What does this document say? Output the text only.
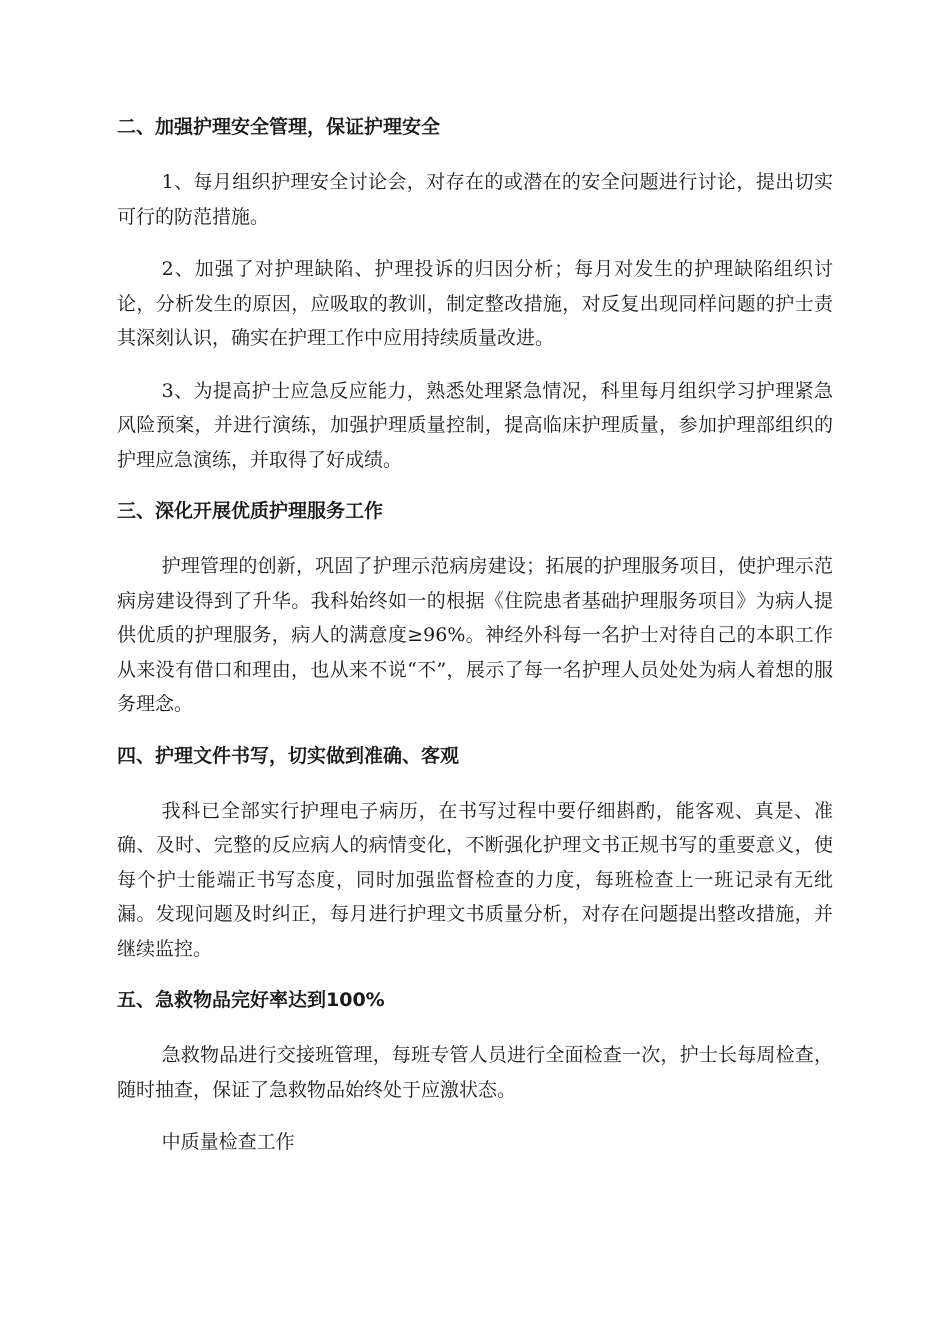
二、加强护理安全管理，保证护理安全

1、每月组织护理安全讨论会，对存在的或潜在的安全问题进行讨论，提出切实可行的防范措施。

2、加强了对护理缺陷、护理投诉的归因分析；每月对发生的护理缺陷组织讨论，分析发生的原因，应吸取的教训，制定整改措施，对反复出现同样问题的护士责其深刻认识，确实在护理工作中应用持续质量改进。

3、为提高护士应急反应能力，熟悉处理紧急情况，科里每月组织学习护理紧急风险预案，并进行演练，加强护理质量控制，提高临床护理质量，参加护理部组织的护理应急演练，并取得了好成绩。

三、深化开展优质护理服务工作

护理管理的创新，巩固了护理示范病房建设；拓展的护理服务项目，使护理示范病房建设得到了升华。我科始终如一的根据《住院患者基础护理服务项目》为病人提供优质的护理服务，病人的满意度≥96%。神经外科每一名护士对待自己的本职工作从来没有借口和理由，也从来不说“不”，展示了每一名护理人员处处为病人着想的服务理念。

四、护理文件书写，切实做到准确、客观

我科已全部实行护理电子病历，在书写过程中要仔细斟酌，能客观、真是、准确、及时、完整的反应病人的病情变化，不断强化护理文书正规书写的重要意义，使每个护士能端正书写态度，同时加强监督检查的力度，每班检查上一班记录有无纰漏。发现问题及时纠正，每月进行护理文书质量分析，对存在问题提出整改措施，并继续监控。

五、急救物品完好率达到100%

急救物品进行交接班管理，每班专管人员进行全面检查一次，护士长每周检查，随时抽查，保证了急救物品始终处于应激状态。

中质量检查工作
